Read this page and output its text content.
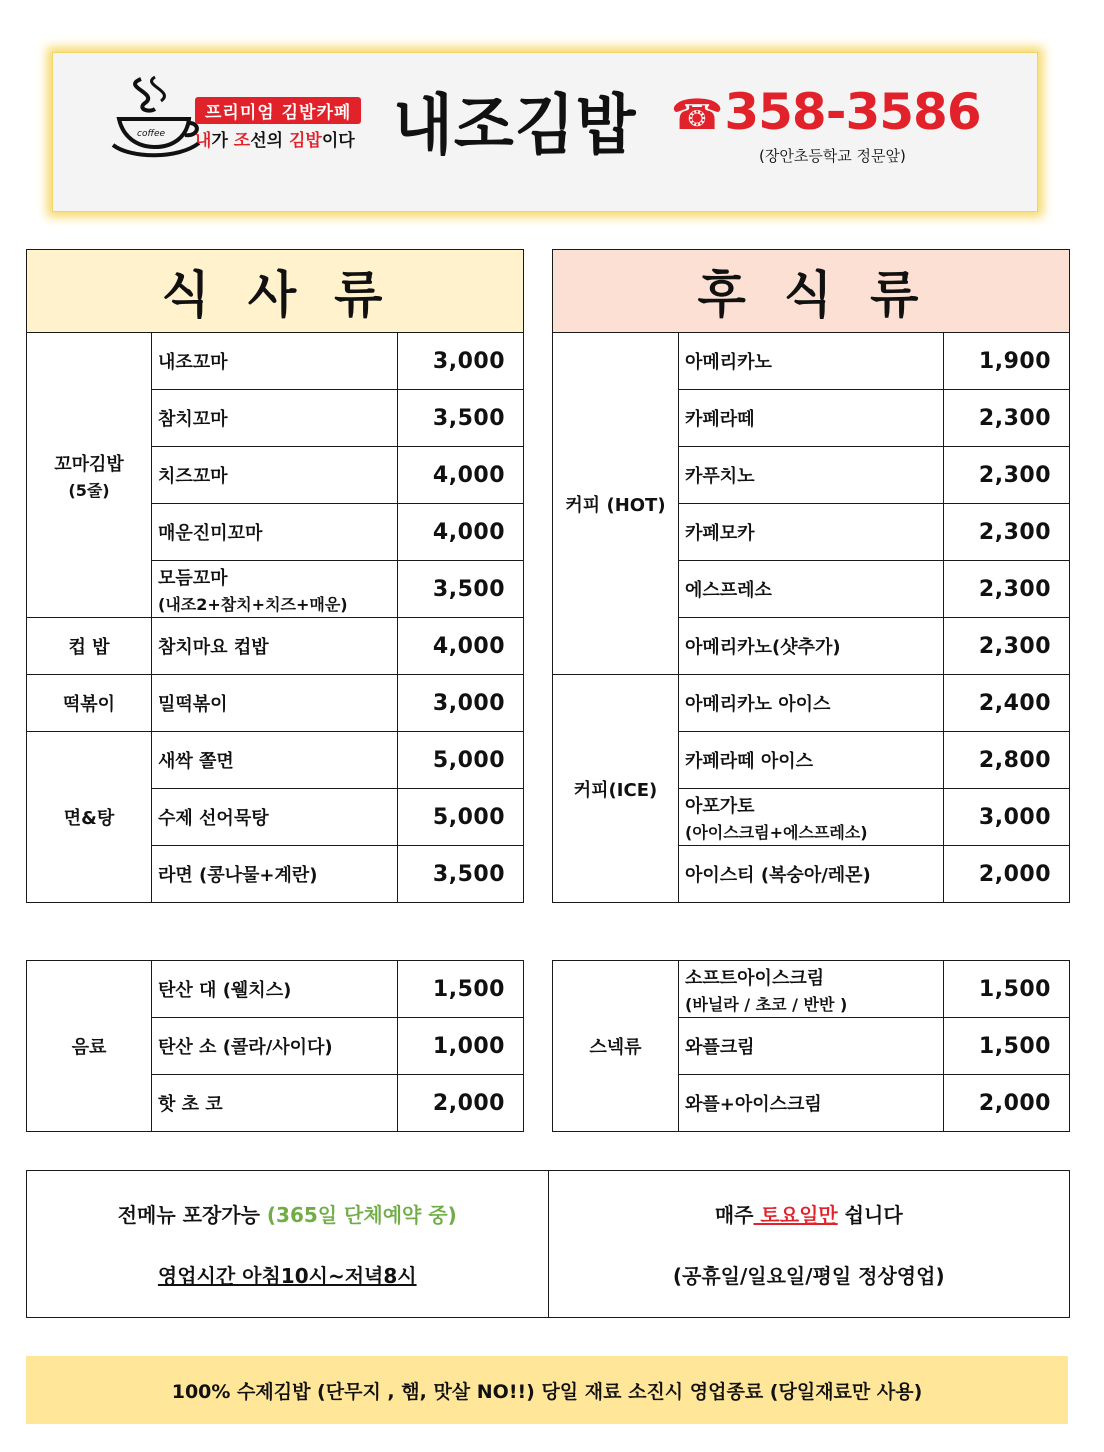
coffee
프리미엄 김밥카페
내가 조선의 김밥이다 내조김밥 ☎358-3586
(장안초등학교 정문앞)
식사류		
꼬마김밥
(5줄)	내조꼬마	3,000
	참치꼬마	3,500
	치즈꼬마	4,000
	매운진미꼬마	4,000
	모듬꼬마
(내조2+참치+치즈+매운)	3,500
컵 밥	참치마요 컵밥	4,000
떡볶이	밀떡볶이	3,000
면&탕	새싹 쫄면	5,000
	수제 선어묵탕	5,000
	라면 (콩나물+계란)	3,500
후식류		
커피 (HOT)	아메리카노	1,900
	카페라떼	2,300
	카푸치노	2,300
	카페모카	2,300
	에스프레소	2,300
	아메리카노(샷추가)	2,300
커피(ICE)	아메리카노 아이스	2,400
	카페라떼 아이스	2,800
	아포가토
(아이스크림+에스프레소)	3,000
	아이스티 (복숭아/레몬)	2,000
음료	탄산 대 (웰치스)	1,500
	탄산 소 (콜라/사이다)	1,000
	핫 초 코	2,000
스넥류	소프트아이스크림
(바닐라 / 초코 / 반반 )	1,500
	와플크림	1,500
	와플+아이스크림	2,000
전메뉴 포장가능 (365일 단체예약 중)
영업시간 아침10시~저녁8시
매주 토요일만 쉽니다
(공휴일/일요일/평일 정상영업)
100% 수제김밥 (단무지 , 햄, 맛살 NO!!) 당일 재료 소진시 영업종료 (당일재료만 사용)
